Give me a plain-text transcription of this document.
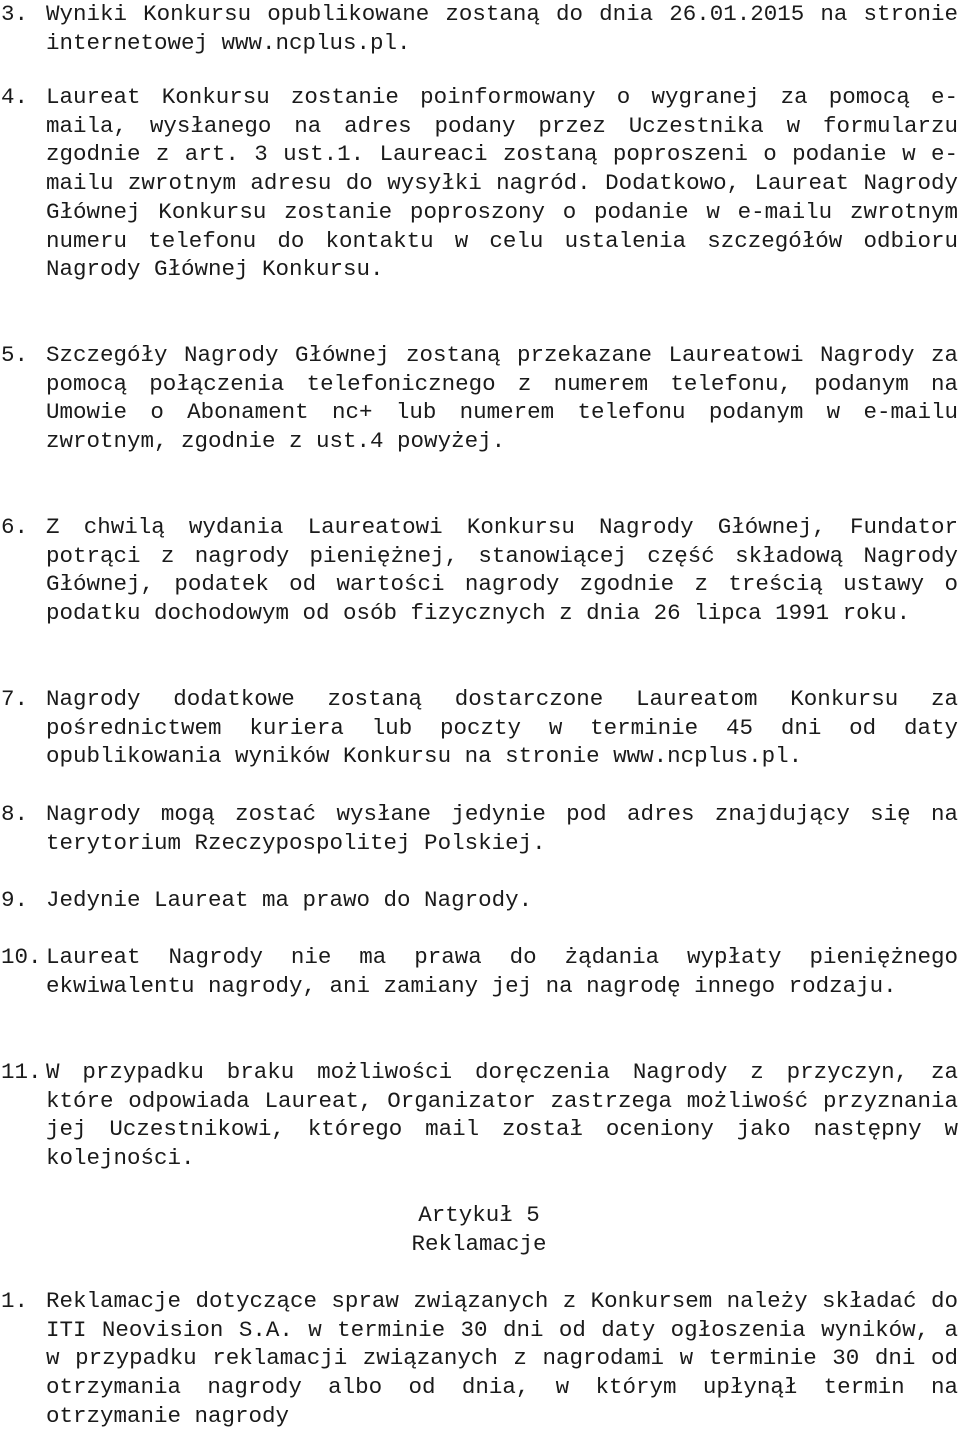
3. Wyniki Konkursu opublikowane zostaną do dnia 26.01.2015 na stronie internetowej www.ncplus.pl.
4. Laureat Konkursu zostanie poinformowany o wygranej za pomocą e-maila, wysłanego na adres podany przez Uczestnika w formularzu zgodnie z art. 3 ust.1. Laureaci zostaną poproszeni o podanie w e-mailu zwrotnym adresu do wysyłki nagród. Dodatkowo, Laureat Nagrody Głównej Konkursu zostanie poproszony o podanie w e-mailu zwrotnym numeru telefonu do kontaktu w celu ustalenia szczegółów odbioru Nagrody Głównej Konkursu.
5. Szczegóły Nagrody Głównej zostaną przekazane Laureatowi Nagrody za pomocą połączenia telefonicznego z numerem telefonu, podanym na Umowie o Abonament nc+ lub numerem telefonu podanym w e-mailu zwrotnym, zgodnie z ust.4 powyżej.
6. Z chwilą wydania Laureatowi Konkursu Nagrody Głównej, Fundator potrąci z nagrody pieniężnej, stanowiącej część składową Nagrody Głównej, podatek od wartości nagrody zgodnie z treścią ustawy o podatku dochodowym od osób fizycznych z dnia 26 lipca 1991 roku.
7. Nagrody dodatkowe zostaną dostarczone Laureatom Konkursu za pośrednictwem kuriera lub poczty w terminie 45 dni od daty opublikowania wyników Konkursu na stronie www.ncplus.pl.
8. Nagrody mogą zostać wysłane jedynie pod adres znajdujący się na terytorium Rzeczypospolitej Polskiej.
9. Jedynie Laureat ma prawo do Nagrody.
10. Laureat Nagrody nie ma prawa do żądania wypłaty pieniężnego ekwiwalentu nagrody, ani zamiany jej na nagrodę innego rodzaju.
11. W przypadku braku możliwości doręczenia Nagrody z przyczyn, za które odpowiada Laureat, Organizator zastrzega możliwość przyznania jej Uczestnikowi, którego mail został oceniony jako następny w kolejności.
Artykuł 5
Reklamacje
1. Reklamacje dotyczące spraw związanych z Konkursem należy składać do ITI Neovision S.A. w terminie 30 dni od daty ogłoszenia wyników, a w przypadku reklamacji związanych z nagrodami w terminie 30 dni od otrzymania nagrody albo od dnia, w którym upłynął termin na otrzymanie nagrody
